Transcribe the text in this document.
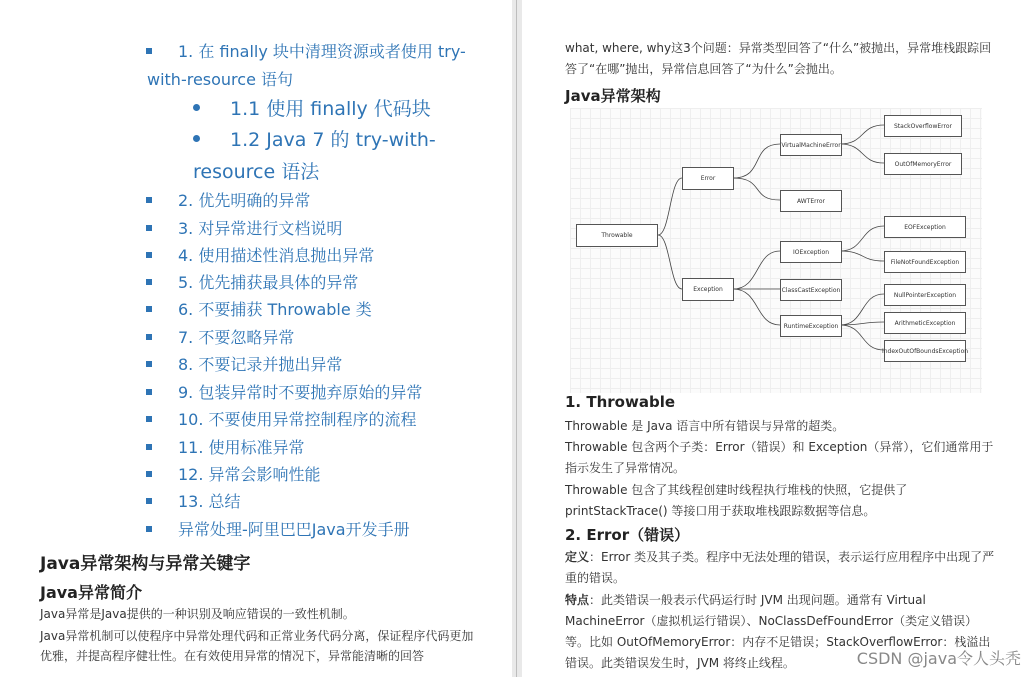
1. 在 finally 块中清理资源或者使用 try-
with-resource 语句
1.1 使用 finally 代码块
1.2 Java 7 的 try-with-
resource 语法
2. 优先明确的异常
3. 对异常进行文档说明
4. 使用描述性消息抛出异常
5. 优先捕获最具体的异常
6. 不要捕获 Throwable 类
7. 不要忽略异常
8. 不要记录并抛出异常
9. 包装异常时不要抛弃原始的异常
10. 不要使用异常控制程序的流程
11. 使用标准异常
12. 异常会影响性能
13. 总结
异常处理-阿里巴巴Java开发手册
Java异常架构与异常关键字
Java异常简介
Java异常是Java提供的一种识别及响应错误的一致性机制。
Java异常机制可以使程序中异常处理代码和正常业务代码分离，保证程序代码更加优雅，并提高程序健壮性。在有效使用异常的情况下，异常能清晰的回答
what, where, why这3个问题：异常类型回答了“什么”被抛出，异常堆栈跟踪回答了“在哪”抛出，异常信息回答了“为什么”会抛出。
Java异常架构
Throwable
Error
Exception
VirtualMachineError
AWTError
StackOverflowError
OutOfMemoryError
IOException
ClassCastException
RuntimeException
EOFException
FileNotFoundException
NullPointerException
ArithmeticException
IndexOutOfBoundsException
1. Throwable
Throwable 是 Java 语言中所有错误与异常的超类。
Throwable 包含两个子类：Error（错误）和 Exception（异常），它们通常用于指示发生了异常情况。
Throwable 包含了其线程创建时线程执行堆栈的快照，它提供了 printStackTrace() 等接口用于获取堆栈跟踪数据等信息。
2. Error（错误）
定义：Error 类及其子类。程序中无法处理的错误，表示运行应用程序中出现了严重的错误。
特点：此类错误一般表示代码运行时 JVM 出现问题。通常有 Virtual MachineError（虚拟机运行错误）、NoClassDefFoundError（类定义错误）等。比如 OutOfMemoryError：内存不足错误；StackOverflowError：栈溢出错误。此类错误发生时，JVM 将终止线程。	CSDN @java令人头秃
